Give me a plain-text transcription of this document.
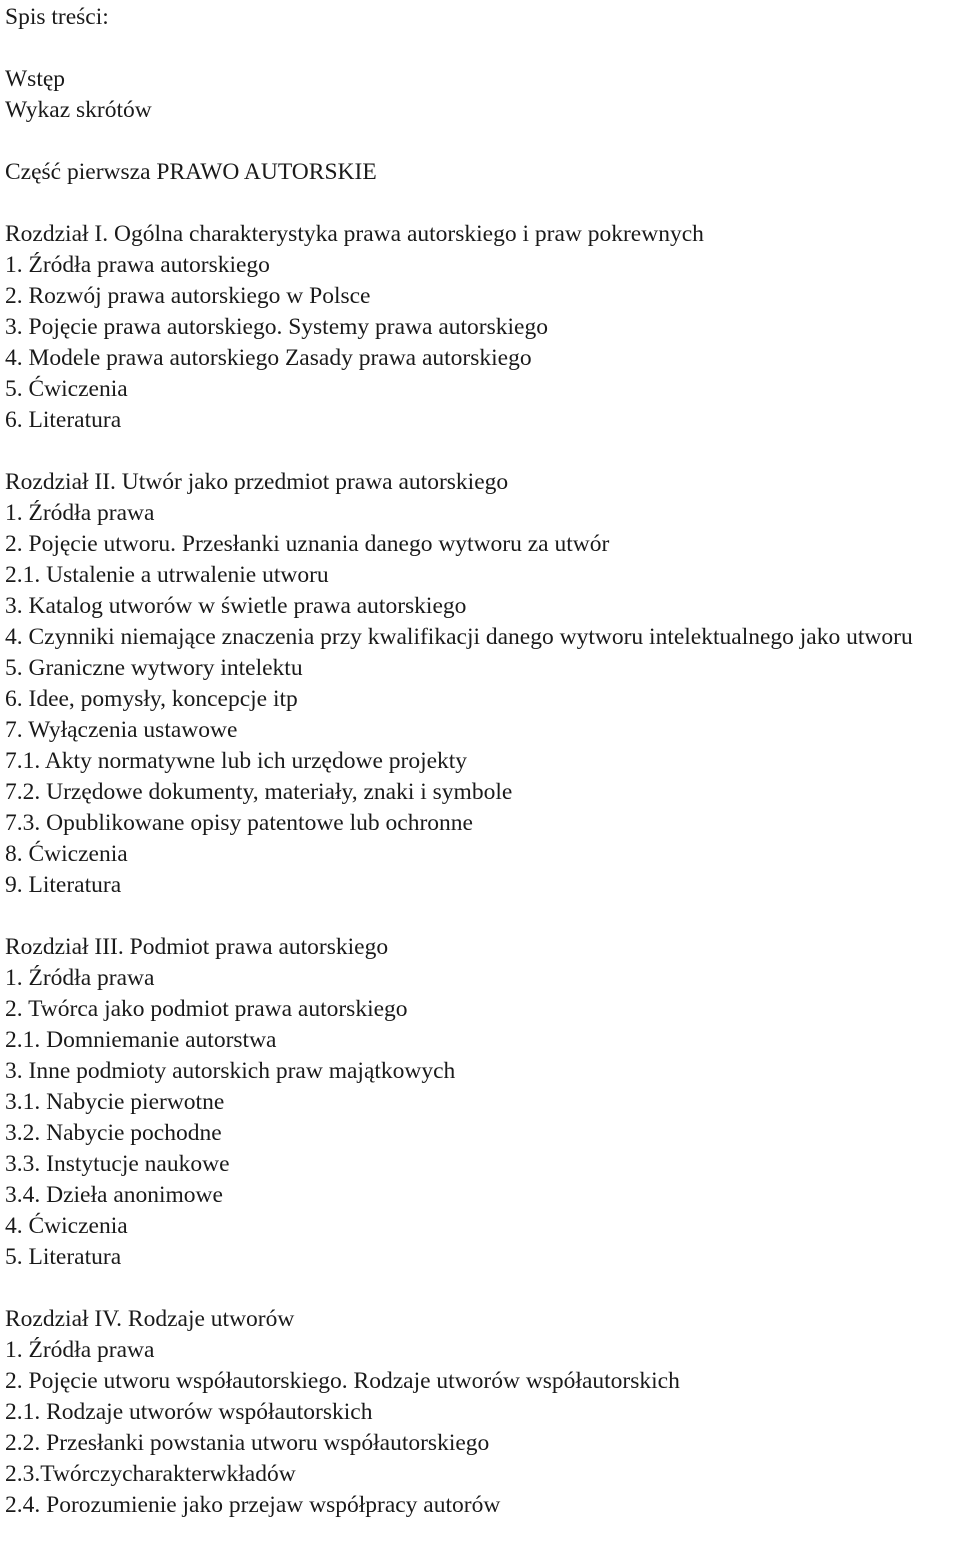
Spis treści:
Wstęp
Wykaz skrótów
Część pierwsza PRAWO AUTORSKIE
Rozdział I. Ogólna charakterystyka prawa autorskiego i praw pokrewnych
1. Źródła prawa autorskiego
2. Rozwój prawa autorskiego w Polsce
3. Pojęcie prawa autorskiego. Systemy prawa autorskiego
4. Modele prawa autorskiego Zasady prawa autorskiego
5. Ćwiczenia
6. Literatura
Rozdział II. Utwór jako przedmiot prawa autorskiego
1. Źródła prawa
2. Pojęcie utworu. Przesłanki uznania danego wytworu za utwór
2.1. Ustalenie a utrwalenie utworu
3. Katalog utworów w świetle prawa autorskiego
4. Czynniki niemające znaczenia przy kwalifikacji danego wytworu intelektualnego jako utworu
5. Graniczne wytwory intelektu
6. Idee, pomysły, koncepcje itp
7. Wyłączenia ustawowe
7.1. Akty normatywne lub ich urzędowe projekty
7.2. Urzędowe dokumenty, materiały, znaki i symbole
7.3. Opublikowane opisy patentowe lub ochronne
8. Ćwiczenia
9. Literatura
Rozdział III. Podmiot prawa autorskiego
1. Źródła prawa
2. Twórca jako podmiot prawa autorskiego
2.1. Domniemanie autorstwa
3. Inne podmioty autorskich praw majątkowych
3.1. Nabycie pierwotne
3.2. Nabycie pochodne
3.3. Instytucje naukowe
3.4. Dzieła anonimowe
4. Ćwiczenia
5. Literatura
Rozdział IV. Rodzaje utworów
1. Źródła prawa
2. Pojęcie utworu współautorskiego. Rodzaje utworów współautorskich
2.1. Rodzaje utworów współautorskich
2.2. Przesłanki powstania utworu współautorskiego
2.3.Twórczycharakterwkładów
2.4. Porozumienie jako przejaw współpracy autorów
